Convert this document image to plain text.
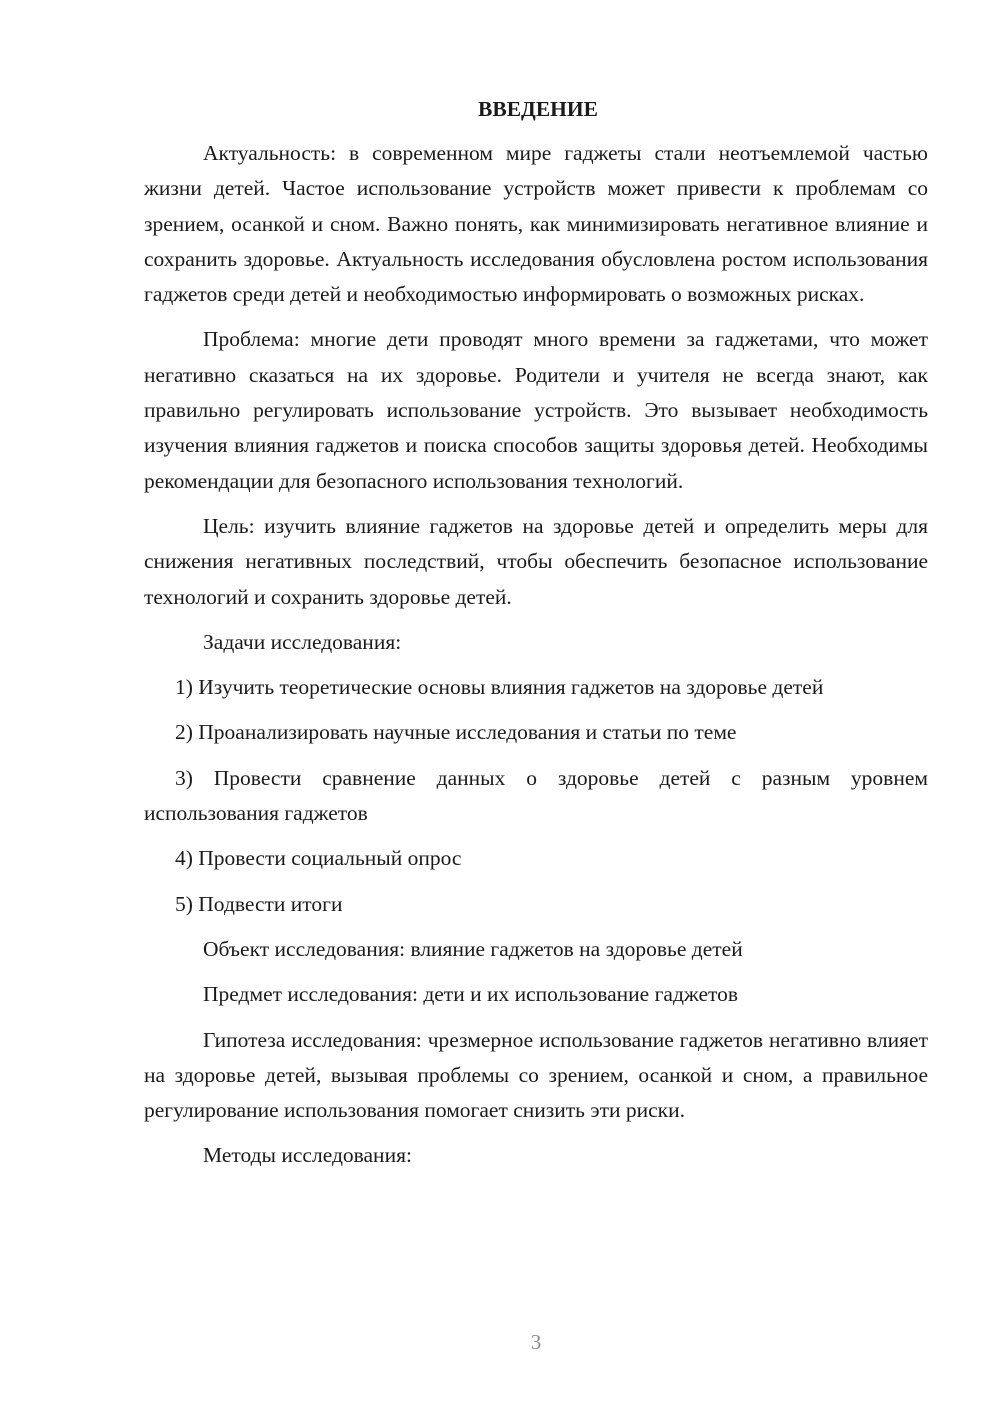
ВВЕДЕНИЕ

Актуальность: в современном мире гаджеты стали неотъемлемой частью жизни детей. Частое использование устройств может привести к проблемам со зрением, осанкой и сном. Важно понять, как минимизировать негативное влияние и сохранить здоровье. Актуальность исследования обусловлена ростом использования гаджетов среди детей и необходимостью информировать о возможных рисках.

Проблема: многие дети проводят много времени за гаджетами, что может негативно сказаться на их здоровье. Родители и учителя не всегда знают, как правильно регулировать использование устройств. Это вызывает необходимость изучения влияния гаджетов и поиска способов защиты здоровья детей. Необходимы рекомендации для безопасного использования технологий.

Цель: изучить влияние гаджетов на здоровье детей и определить меры для снижения негативных последствий, чтобы обеспечить безопасное использование технологий и сохранить здоровье детей.

Задачи исследования:

1) Изучить теоретические основы влияния гаджетов на здоровье детей

2) Проанализировать научные исследования и статьи по теме

3) Провести сравнение данных о здоровье детей с разным уровнем использования гаджетов

4) Провести социальный опрос

5) Подвести итоги

Объект исследования: влияние гаджетов на здоровье детей

Предмет исследования: дети и их использование гаджетов

Гипотеза исследования: чрезмерное использование гаджетов негативно влияет на здоровье детей, вызывая проблемы со зрением, осанкой и сном, а правильное регулирование использования помогает снизить эти риски.

Методы исследования:

3
